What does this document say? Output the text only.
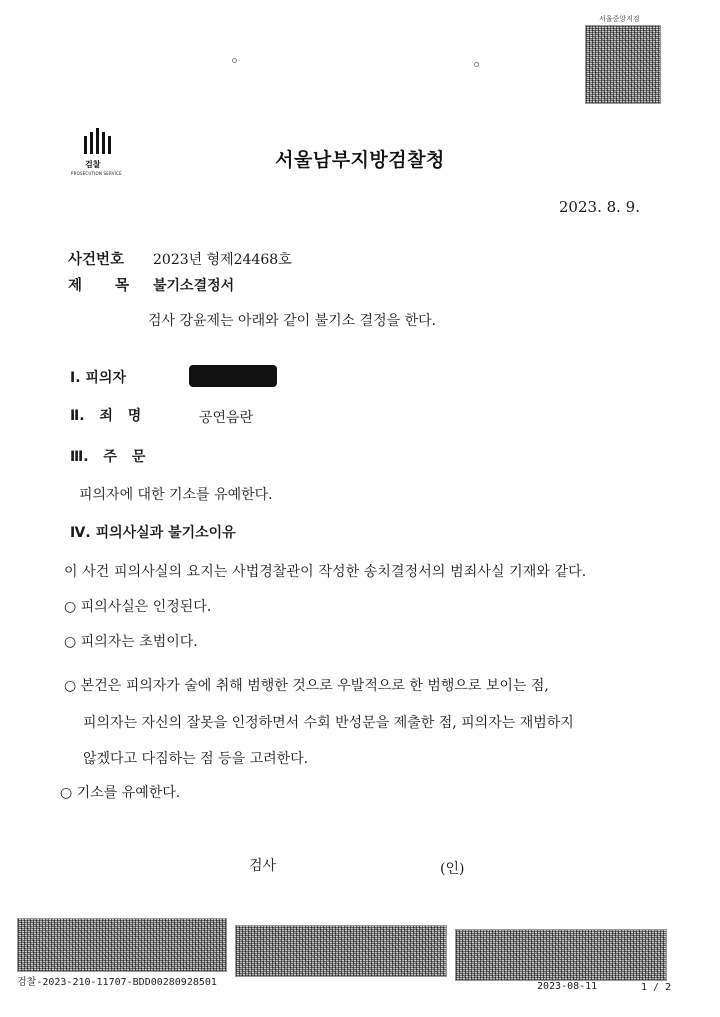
서울중앙지검
검찰
PROSECUTION SERVICE
서울남부지방검찰청
2023. 8. 9.
사건번호 2023년 형제24468호
제 목 불기소결정서
검사 강윤제는 아래와 같이 불기소 결정을 한다.
Ⅰ. 피의자
Ⅱ. 죄 명	공연음란
Ⅲ. 주 문
피의자에 대한 기소를 유예한다.
Ⅳ. 피의사실과 불기소이유
이 사건 피의사실의 요지는 사법경찰관이 작성한 송치결정서의 범죄사실 기재와 같다.
○ 피의사실은 인정된다.
○ 피의자는 초범이다.
○ 본건은 피의자가 술에 취해 범행한 것으로 우발적으로 한 범행으로 보이는 점,
피의자는 자신의 잘못을 인정하면서 수회 반성문을 제출한 점, 피의자는 재범하지
않겠다고 다짐하는 점 등을 고려한다.
○ 기소를 유예한다.
검사	(인)
검찰-2023-210-11707-BDD00280928501	2023-08-11	1 / 2
